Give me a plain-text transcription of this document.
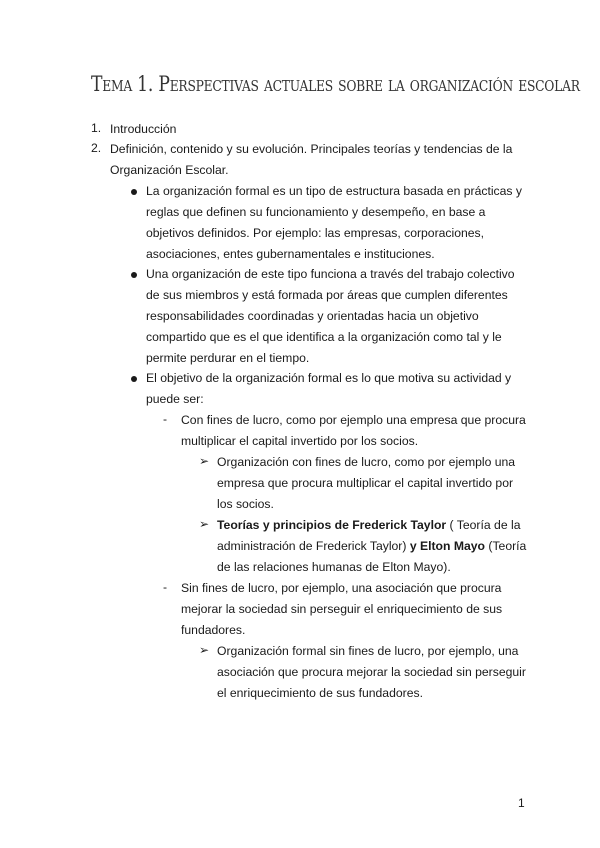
Tema 1. Perspectivas actuales sobre la organización escolar
1. Introducción
2. Definición, contenido y su evolución. Principales teorías y tendencias de la
Organización Escolar.
La organización formal es un tipo de estructura basada en prácticas y
reglas que definen su funcionamiento y desempeño, en base a
objetivos definidos. Por ejemplo: las empresas, corporaciones,
asociaciones, entes gubernamentales e instituciones.
Una organización de este tipo funciona a través del trabajo colectivo
de sus miembros y está formada por áreas que cumplen diferentes
responsabilidades coordinadas y orientadas hacia un objetivo
compartido que es el que identifica a la organización como tal y le
permite perdurar en el tiempo.
El objetivo de la organización formal es lo que motiva su actividad y
puede ser:
- Con fines de lucro, como por ejemplo una empresa que procura
multiplicar el capital invertido por los socios.
➢ Organización con fines de lucro, como por ejemplo una
empresa que procura multiplicar el capital invertido por
los socios.
➢ Teorías y principios de Frederick Taylor ( Teoría de la
administración de Frederick Taylor) y Elton Mayo (Teoría
de las relaciones humanas de Elton Mayo).
- Sin fines de lucro, por ejemplo, una asociación que procura
mejorar la sociedad sin perseguir el enriquecimiento de sus
fundadores.
➢ Organización formal sin fines de lucro, por ejemplo, una
asociación que procura mejorar la sociedad sin perseguir
el enriquecimiento de sus fundadores.
1
